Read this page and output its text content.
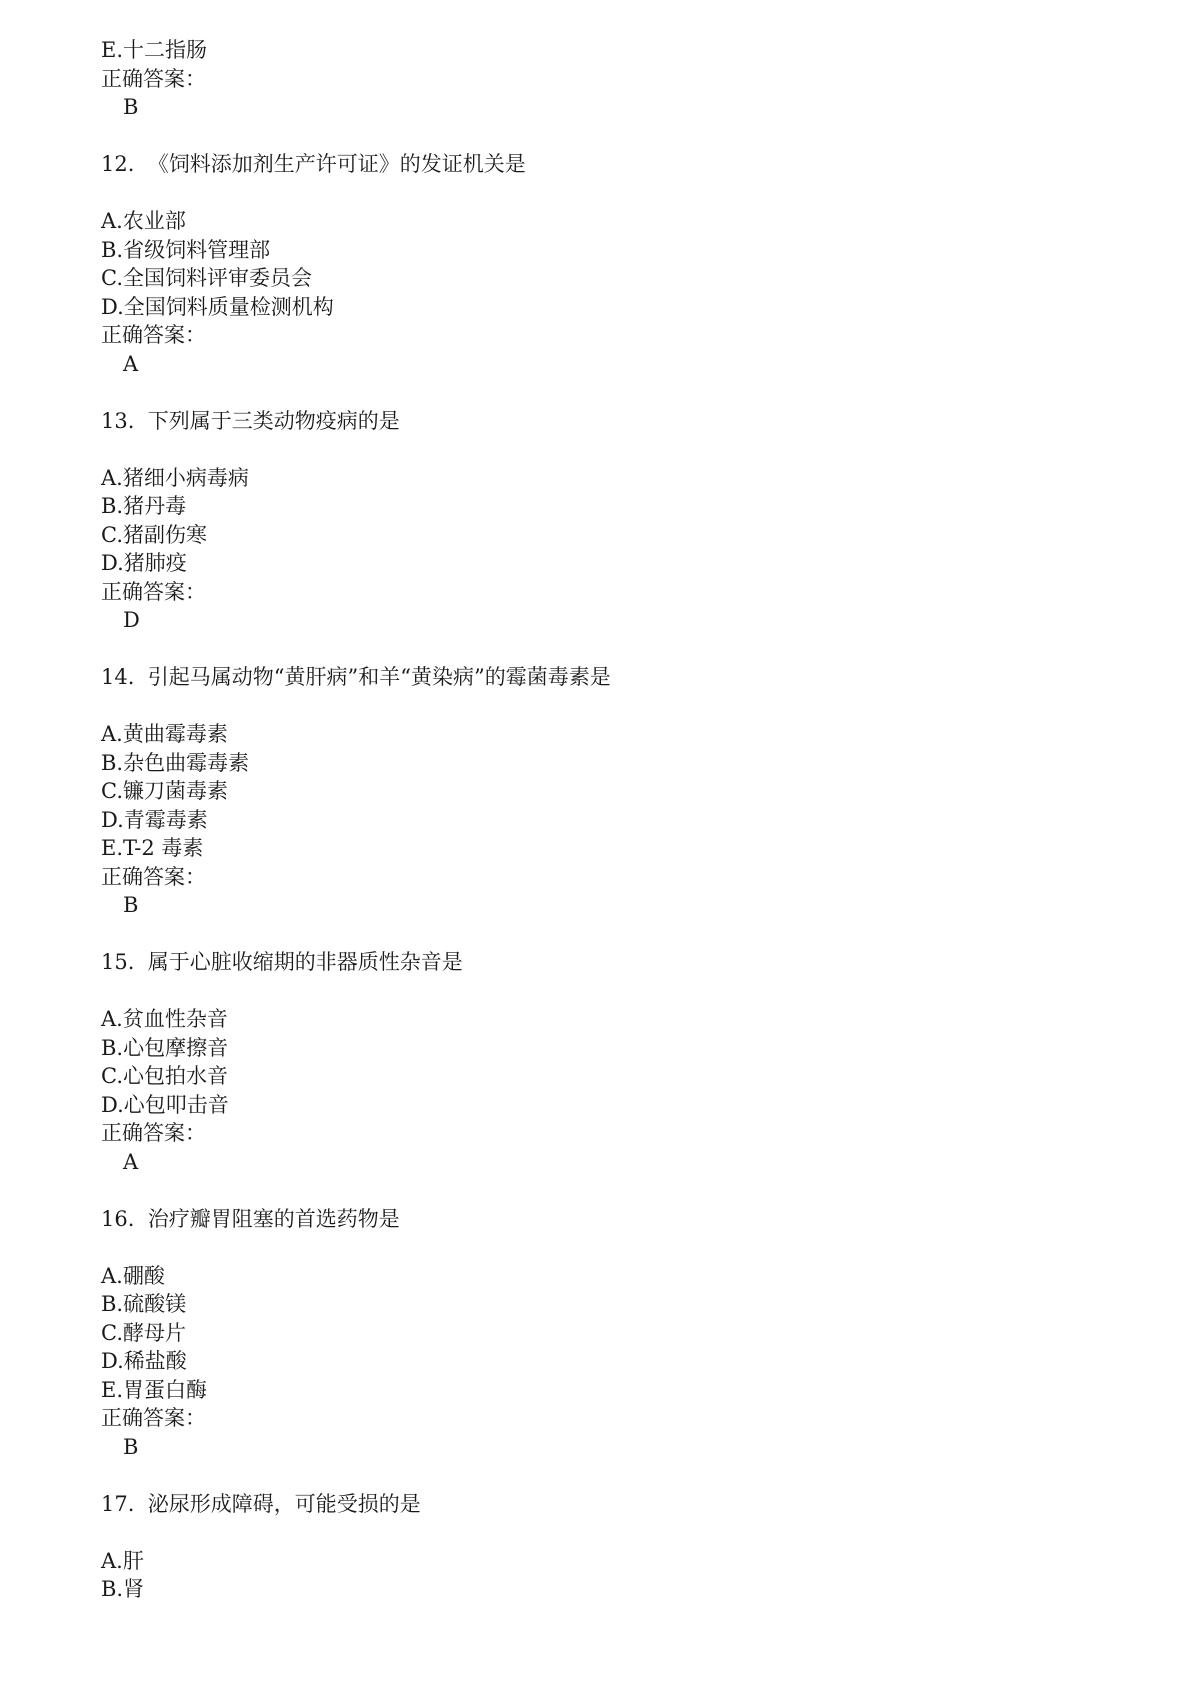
E.十二指肠
正确答案：
B
12.  《饲料添加剂生产许可证》的发证机关是
A.农业部
B.省级饲料管理部
C.全国饲料评审委员会
D.全国饲料质量检测机构
正确答案：
A
13.  下列属于三类动物疫病的是
A.猪细小病毒病
B.猪丹毒
C.猪副伤寒
D.猪肺疫
正确答案：
D
14.  引起马属动物“黄肝病”和羊“黄染病”的霉菌毒素是
A.黄曲霉毒素
B.杂色曲霉毒素
C.镰刀菌毒素
D.青霉毒素
E.T-2 毒素
正确答案：
B
15.  属于心脏收缩期的非器质性杂音是
A.贫血性杂音
B.心包摩擦音
C.心包拍水音
D.心包叩击音
正确答案：
A
16.  治疗瓣胃阻塞的首选药物是
A.硼酸
B.硫酸镁
C.酵母片
D.稀盐酸
E.胃蛋白酶
正确答案：
B
17.  泌尿形成障碍，可能受损的是
A.肝
B.肾
